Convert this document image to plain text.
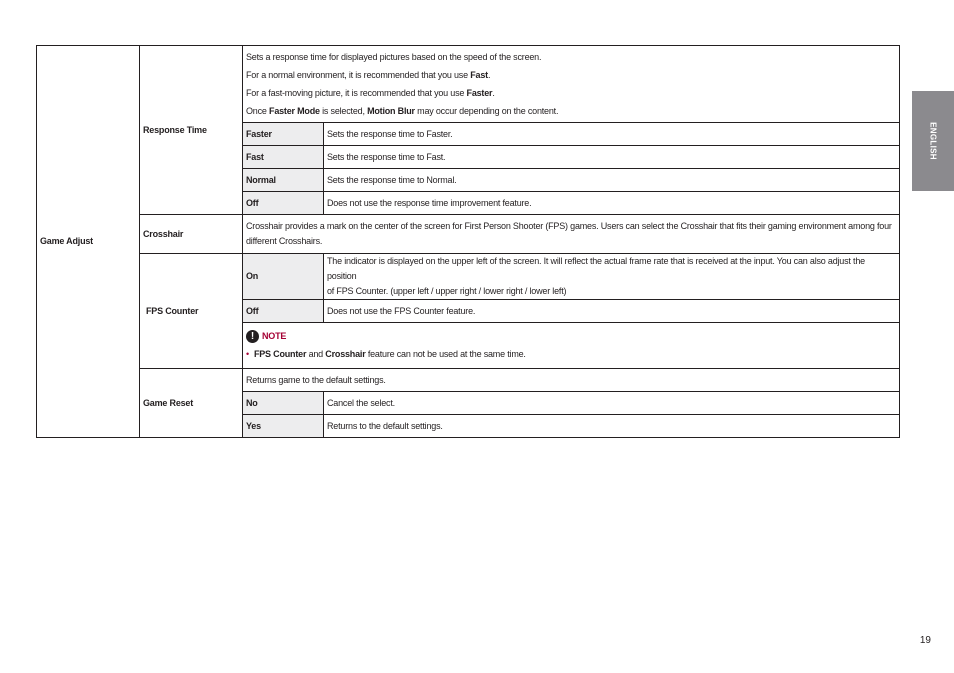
Game Adjust	Response Time	Sets a response time for displayed pictures based on the speed of the screen.

For a normal environment, it is recommended that you use Fast.

For a fast-moving picture, it is recommended that you use Faster.

Once Faster Mode is selected, Motion Blur may occur depending on the content.	

		Faster	Sets the response time to Faster.
		Fast	Sets the response time to Fast.
		Normal	Sets the response time to Normal.
		Off	Does not use the response time improvement feature.
	Crosshair	Crosshair provides a mark on the center of the screen for First Person Shooter (FPS) games. Users can select the Crosshair that fits their gaming environment among four
different Crosshairs.	

	FPS Counter	On	The indicator is displayed on the upper left of the screen. It will reflect the actual frame rate that is received at the input. You can also adjust the position
of FPS Counter. (upper left / upper right / lower right / lower left)

		Off	Does not use the FPS Counter feature.

		! NOTE
• FPS Counter and Crosshair feature can not be used at the same time.	

	Game Reset	Returns game to the default settings.	
		No	Cancel the select.
		Yes	Returns to the default settings.
ENGLISH
19
